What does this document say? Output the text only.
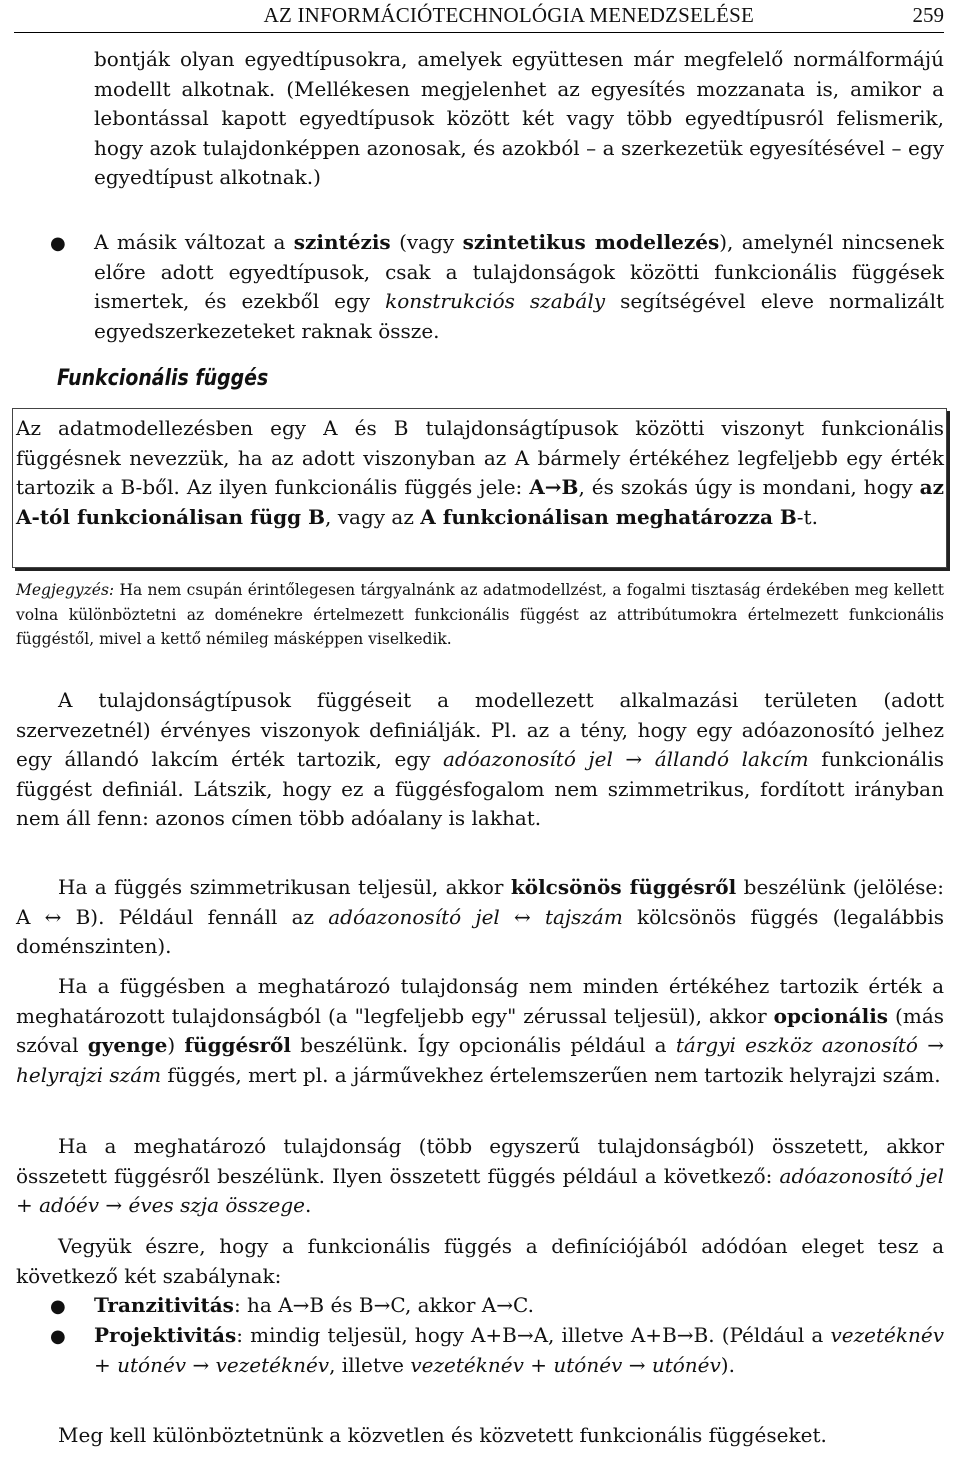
AZ INFORMÁCIÓTECHNOLÓGIA MENEDZSELÉSE	259
bontják olyan egyedtípusokra, amelyek együttesen már megfelelő normálformájú modellt alkotnak. (Mellékesen megjelenhet az egyesítés mozzanata is, amikor a lebontással kapott egyedtípusok között két vagy több egyedtípusról felismerik, hogy azok tulajdonképpen azonosak, és azokból – a szerkezetük egyesítésével – egy egyedtípust alkotnak.)
● A másik változat a szintézis (vagy szintetikus modellezés), amelynél nincsenek előre adott egyedtípusok, csak a tulajdonságok közötti funkcionális függések ismertek, és ezekből egy konstrukciós szabály segítségével eleve normalizált egyedszerkezeteket raknak össze.
Funkcionális függés
Az adatmodellezésben egy A és B tulajdonságtípusok közötti viszonyt funkcionális függésnek nevezzük, ha az adott viszonyban az A bármely értékéhez legfeljebb egy érték tartozik a B-ből. Az ilyen funkcionális függés jele: A→B, és szokás úgy is mondani, hogy az A-tól funkcionálisan függ B, vagy az A funkcionálisan meghatározza B-t.
Megjegyzés: Ha nem csupán érintőlegesen tárgyalnánk az adatmodellzést, a fogalmi tisztaság érdekében meg kellett volna különböztetni az doménekre értelmezett funkcionális függést az attribútumokra értelmezett funkcionális függéstől, mivel a kettő némileg másképpen viselkedik.
A tulajdonságtípusok függéseit a modellezett alkalmazási területen (adott szervezetnél) érvényes viszonyok definiálják. Pl. az a tény, hogy egy adóazonosító jelhez egy állandó lakcím érték tartozik, egy adóazonosító jel → állandó lakcím funkcionális függést definiál. Látszik, hogy ez a függésfogalom nem szimmetrikus, fordított irányban nem áll fenn: azonos címen több adóalany is lakhat.
Ha a függés szimmetrikusan teljesül, akkor kölcsönös függésről beszélünk (jelölése: A ↔ B). Például fennáll az adóazonosító jel ↔ tajszám kölcsönös függés (legalábbis doménszinten).
Ha a függésben a meghatározó tulajdonság nem minden értékéhez tartozik érték a meghatározott tulajdonságból (a "legfeljebb egy" zérussal teljesül), akkor opcionális (más szóval gyenge) függésről beszélünk. Így opcionális például a tárgyi eszköz azonosító → helyrajzi szám függés, mert pl. a járművekhez értelemszerűen nem tartozik helyrajzi szám.
Ha a meghatározó tulajdonság (több egyszerű tulajdonságból) összetett, akkor összetett függésről beszélünk. Ilyen összetett függés például a következő: adóazonosító jel + adóév → éves szja összege.
Vegyük észre, hogy a funkcionális függés a definíciójából adódóan eleget tesz a következő két szabálynak:
● Tranzitivitás: ha A→B és B→C, akkor A→C.
● Projektivitás: mindig teljesül, hogy A+B→A, illetve A+B→B. (Például a vezetéknév + utónév → vezetéknév, illetve vezetéknév + utónév → utónév).
Meg kell különböztetnünk a közvetlen és közvetett funkcionális függéseket.
